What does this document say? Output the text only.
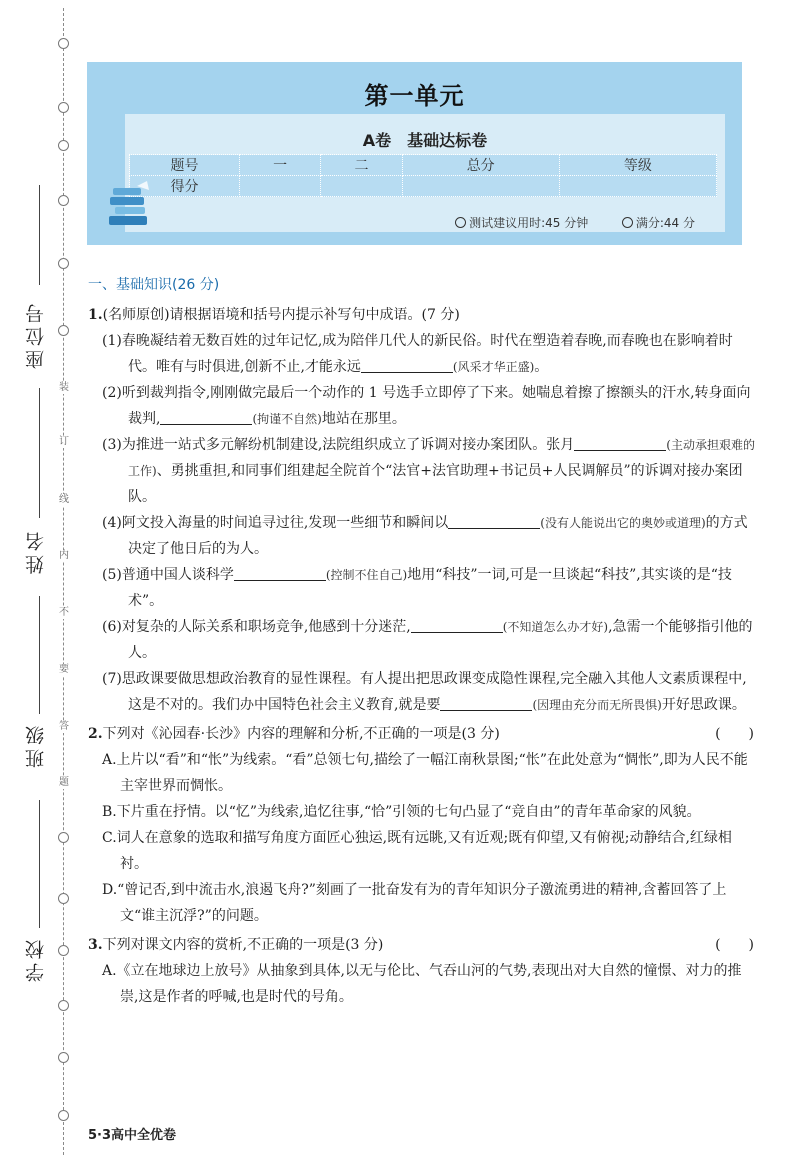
装
订
线
内
不
要
答
题
座位号
姓名
班级
学校
第一单元
A卷　基础达标卷
题号	一	二	总分	等级
得分				
测试建议用时:45 分钟	满分:44 分
一、基础知识(26 分)
1.(名师原创)请根据语境和括号内提示补写句中成语。(7 分)
(1)春晚凝结着无数百姓的过年记忆,成为陪伴几代人的新民俗。时代在塑造着春晚,而春晚也在影响着时代。唯有与时俱进,创新不止,才能永远	(风采才华正盛)。
(2)听到裁判指令,刚刚做完最后一个动作的 1 号选手立即停了下来。她喘息着擦了擦额头的汗水,转身面向裁判,	(拘谨不自然)地站在那里。
(3)为推进一站式多元解纷机制建设,法院组织成立了诉调对接办案团队。张月	(主动承担艰难的工作)、勇挑重担,和同事们组建起全院首个“法官+法官助理+书记员+人民调解员”的诉调对接办案团队。
(4)阿文投入海量的时间追寻过往,发现一些细节和瞬间以	(没有人能说出它的奥妙或道理)的方式决定了他日后的为人。
(5)普通中国人谈科学	(控制不住自己)地用“科技”一词,可是一旦谈起“科技”,其实谈的是“技术”。
(6)对复杂的人际关系和职场竞争,他感到十分迷茫,	(不知道怎么办才好),急需一个能够指引他的人。
(7)思政课要做思想政治教育的显性课程。有人提出把思政课变成隐性课程,完全融入其他人文素质课程中,这是不对的。我们办中国特色社会主义教育,就是要	(因理由充分而无所畏惧)开好思政课。
(　　)
2.下列对《沁园春·长沙》内容的理解和分析,不正确的一项是(3 分)
A.上片以“看”和“怅”为线索。“看”总领七句,描绘了一幅江南秋景图;“怅”在此处意为“惆怅”,即为人民不能主宰世界而惆怅。
B.下片重在抒情。以“忆”为线索,追忆往事,“恰”引领的七句凸显了“竞自由”的青年革命家的风貌。
C.词人在意象的选取和描写角度方面匠心独运,既有远眺,又有近观;既有仰望,又有俯视;动静结合,红绿相衬。
D.“曾记否,到中流击水,浪遏飞舟?”刻画了一批奋发有为的青年知识分子激流勇进的精神,含蓄回答了上文“谁主沉浮?”的问题。
(　　)
3.下列对课文内容的赏析,不正确的一项是(3 分)
A.《立在地球边上放号》从抽象到具体,以无与伦比、气吞山河的气势,表现出对大自然的憧憬、对力的推崇,这是作者的呼喊,也是时代的号角。
5·3高中全优卷
